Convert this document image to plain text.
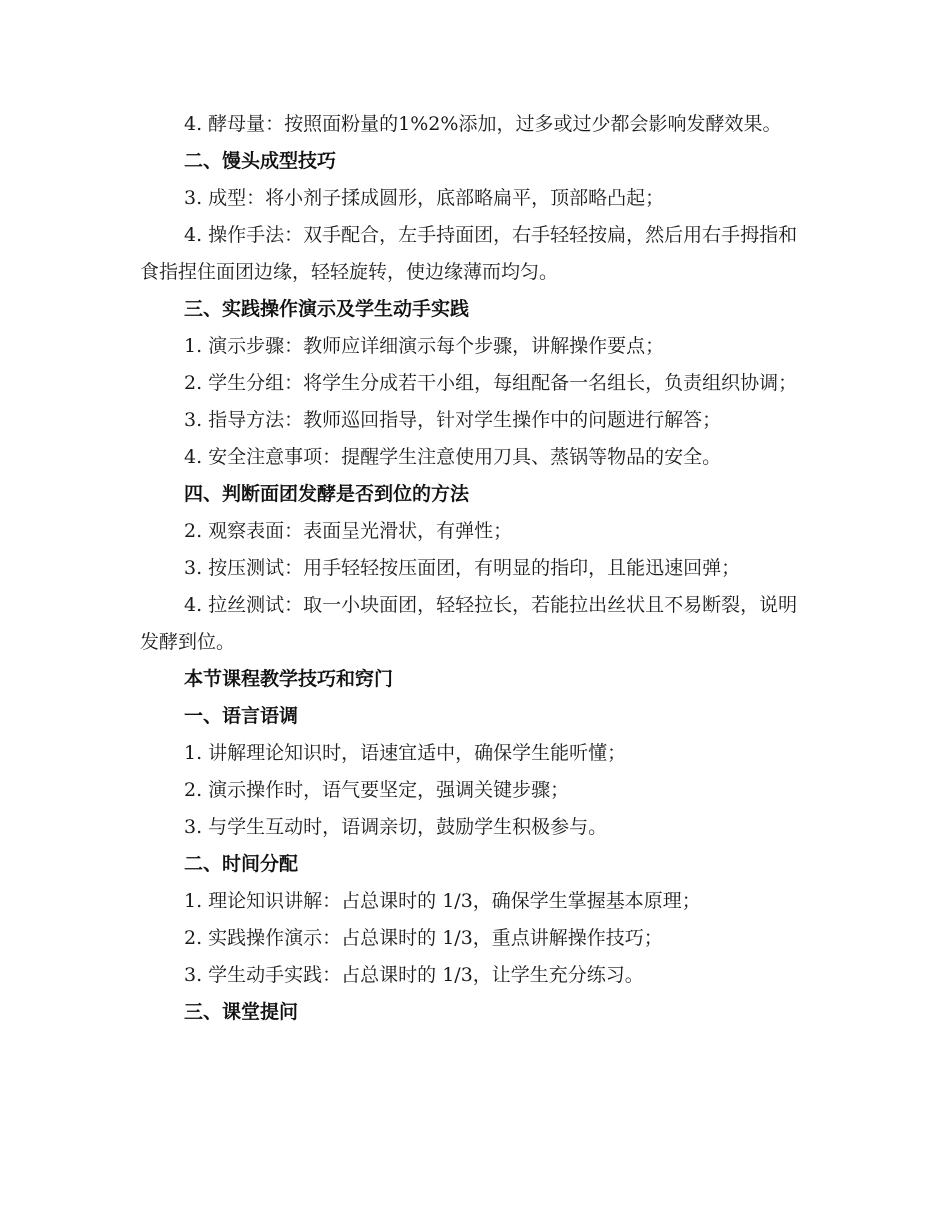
4. 酵母量：按照面粉量的1%2%添加，过多或过少都会影响发酵效果。

二、馒头成型技巧

3. 成型：将小剂子揉成圆形，底部略扁平，顶部略凸起；

4. 操作手法：双手配合，左手持面团，右手轻轻按扁，然后用右手拇指和食指捏住面团边缘，轻轻旋转，使边缘薄而均匀。

三、实践操作演示及学生动手实践

1. 演示步骤：教师应详细演示每个步骤，讲解操作要点；

2. 学生分组：将学生分成若干小组，每组配备一名组长，负责组织协调；

3. 指导方法：教师巡回指导，针对学生操作中的问题进行解答；

4. 安全注意事项：提醒学生注意使用刀具、蒸锅等物品的安全。

四、判断面团发酵是否到位的方法

2. 观察表面：表面呈光滑状，有弹性；

3. 按压测试：用手轻轻按压面团，有明显的指印，且能迅速回弹；

4. 拉丝测试：取一小块面团，轻轻拉长，若能拉出丝状且不易断裂，说明发酵到位。

本节课程教学技巧和窍门

一、语言语调

1. 讲解理论知识时，语速宜适中，确保学生能听懂；

2. 演示操作时，语气要坚定，强调关键步骤；

3. 与学生互动时，语调亲切，鼓励学生积极参与。

二、时间分配

1. 理论知识讲解：占总课时的 1/3，确保学生掌握基本原理；

2. 实践操作演示：占总课时的 1/3，重点讲解操作技巧；

3. 学生动手实践：占总课时的 1/3，让学生充分练习。

三、课堂提问
